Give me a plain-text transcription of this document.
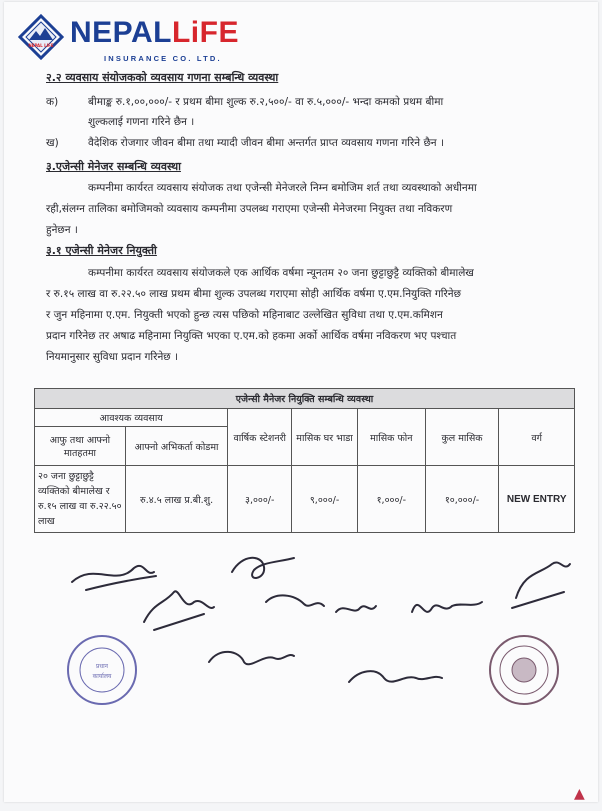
NEPAL LIFE NEPALLiFE
INSURANCE CO. LTD.
२.२ व्यवसाय संयोजकको व्यवसाय गणना सम्बन्धि व्यवस्था
क)	बीमाङ्क रु.१,००,०००/- र प्रथम बीमा शुल्क रु.२,५००/- वा रु.५,०००/- भन्दा कमको प्रथम बीमा
शुल्कलाई गणना गरिने छैन ।
ख)	वैदेशिक रोजगार जीवन बीमा तथा म्यादी जीवन बीमा अन्तर्गत प्राप्त व्यवसाय गणना गरिने छैन ।
३.एजेन्सी मेनेजर सम्बन्धि व्यवस्था
कम्पनीमा कार्यरत व्यवसाय संयोजक तथा एजेन्सी मेनेजरले निम्न बमोजिम शर्त तथा व्यवस्थाको अधीनमा
रही,संलग्न तालिका बमोजिमको व्यवसाय कम्पनीमा उपलब्ध गराएमा एजेन्सी मेनेजरमा नियुक्त तथा नविकरण
हुनेछन ।
३.१ एजेन्सी मेनेजर नियुक्ती
कम्पनीमा कार्यरत व्यवसाय संयोजकले एक आर्थिक वर्षमा न्यूनतम २० जना छुट्टाछुट्टै व्यक्तिको बीमालेख
र रु.१५ लाख वा रु.२२.५० लाख प्रथम बीमा शुल्क उपलब्ध गराएमा सोही आर्थिक वर्षमा ए.एम.नियुक्ति गरिनेछ
र जुन महिनामा ए.एम. नियुक्ती भएको हुन्छ त्यस पछिको महिनाबाट उल्लेखित सुविधा तथा ए.एम.कमिशन
प्रदान गरिनेछ तर अषाढ महिनामा नियुक्ति भएका ए.एम.को हकमा अर्को आर्थिक वर्षमा नविकरण भए पश्चात
नियमानुसार सुविधा प्रदान गरिनेछ ।
एजेन्सी मैनेजर नियुक्ति सम्बन्धि व्यवस्था						
आवश्यक व्यवसाय		वार्षिक स्टेशनरी	मासिक घर भाडा	मासिक फोन	कुल मासिक	वर्ग
आफु तथा आफ्नो मातहतमा	आफ्नो अभिकर्ता कोडमा					
२० जना छुट्टाछुट्टै व्यक्तिको बीमालेख र रु.१५ लाख वा रु.२२.५० लाख	रु.४.५ लाख प्र.बी.शु.	३,०००/-	९,०००/-	१,०००/-	१०,०००/-	NEW ENTRY
प्रधान
कार्यालय
▲
